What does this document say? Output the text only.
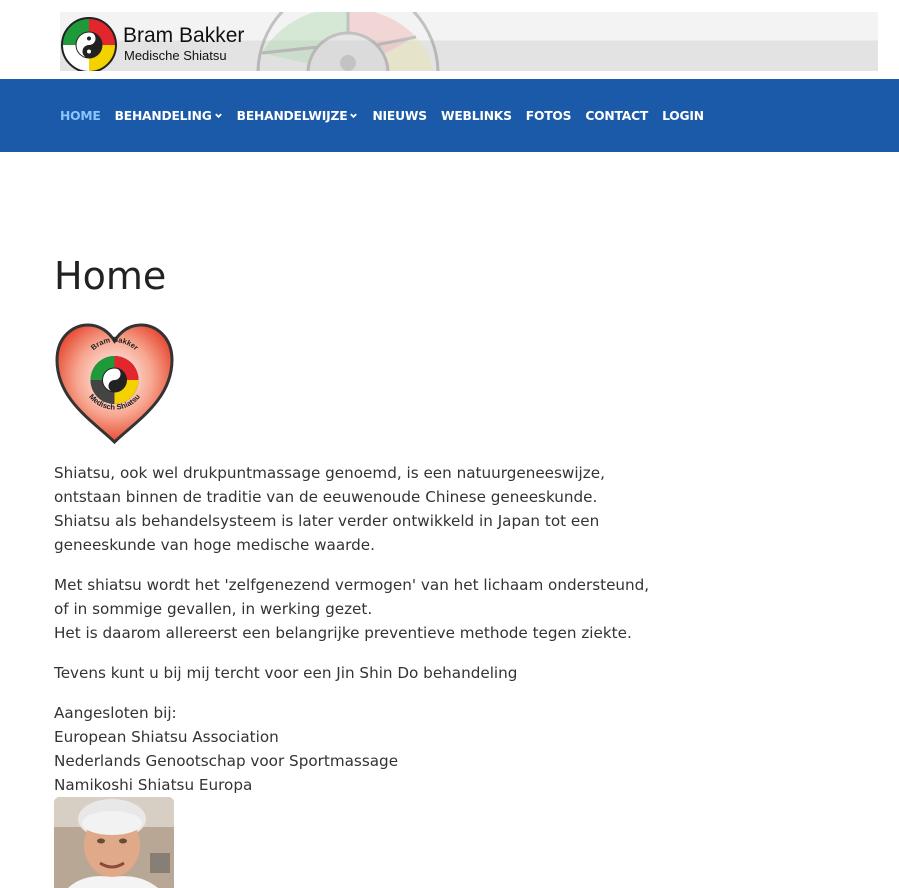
Bram Bakker
Medische Shiatsu
HOME BEHANDELING BEHANDELWIJZE NIEUWS WEBLINKS FOTOS CONTACT LOGIN
Home
Bram Bakker
Medisch Shiatsu
Shiatsu, ook wel drukpuntmassage genoemd, is een natuurgeneeswijze,
ontstaan binnen de traditie van de eeuwenoude Chinese geneeskunde.
Shiatsu als behandelsysteem is later verder ontwikkeld in Japan tot een
geneeskunde van hoge medische waarde.
Met shiatsu wordt het 'zelfgenezend vermogen' van het lichaam ondersteund,
of in sommige gevallen, in werking gezet.
Het is daarom allereerst een belangrijke preventieve methode tegen ziekte.
Tevens kunt u bij mij tercht voor een Jin Shin Do behandeling
Aangesloten bij:
European Shiatsu Association
Nederlands Genootschap voor Sportmassage
Namikoshi Shiatsu Europa
